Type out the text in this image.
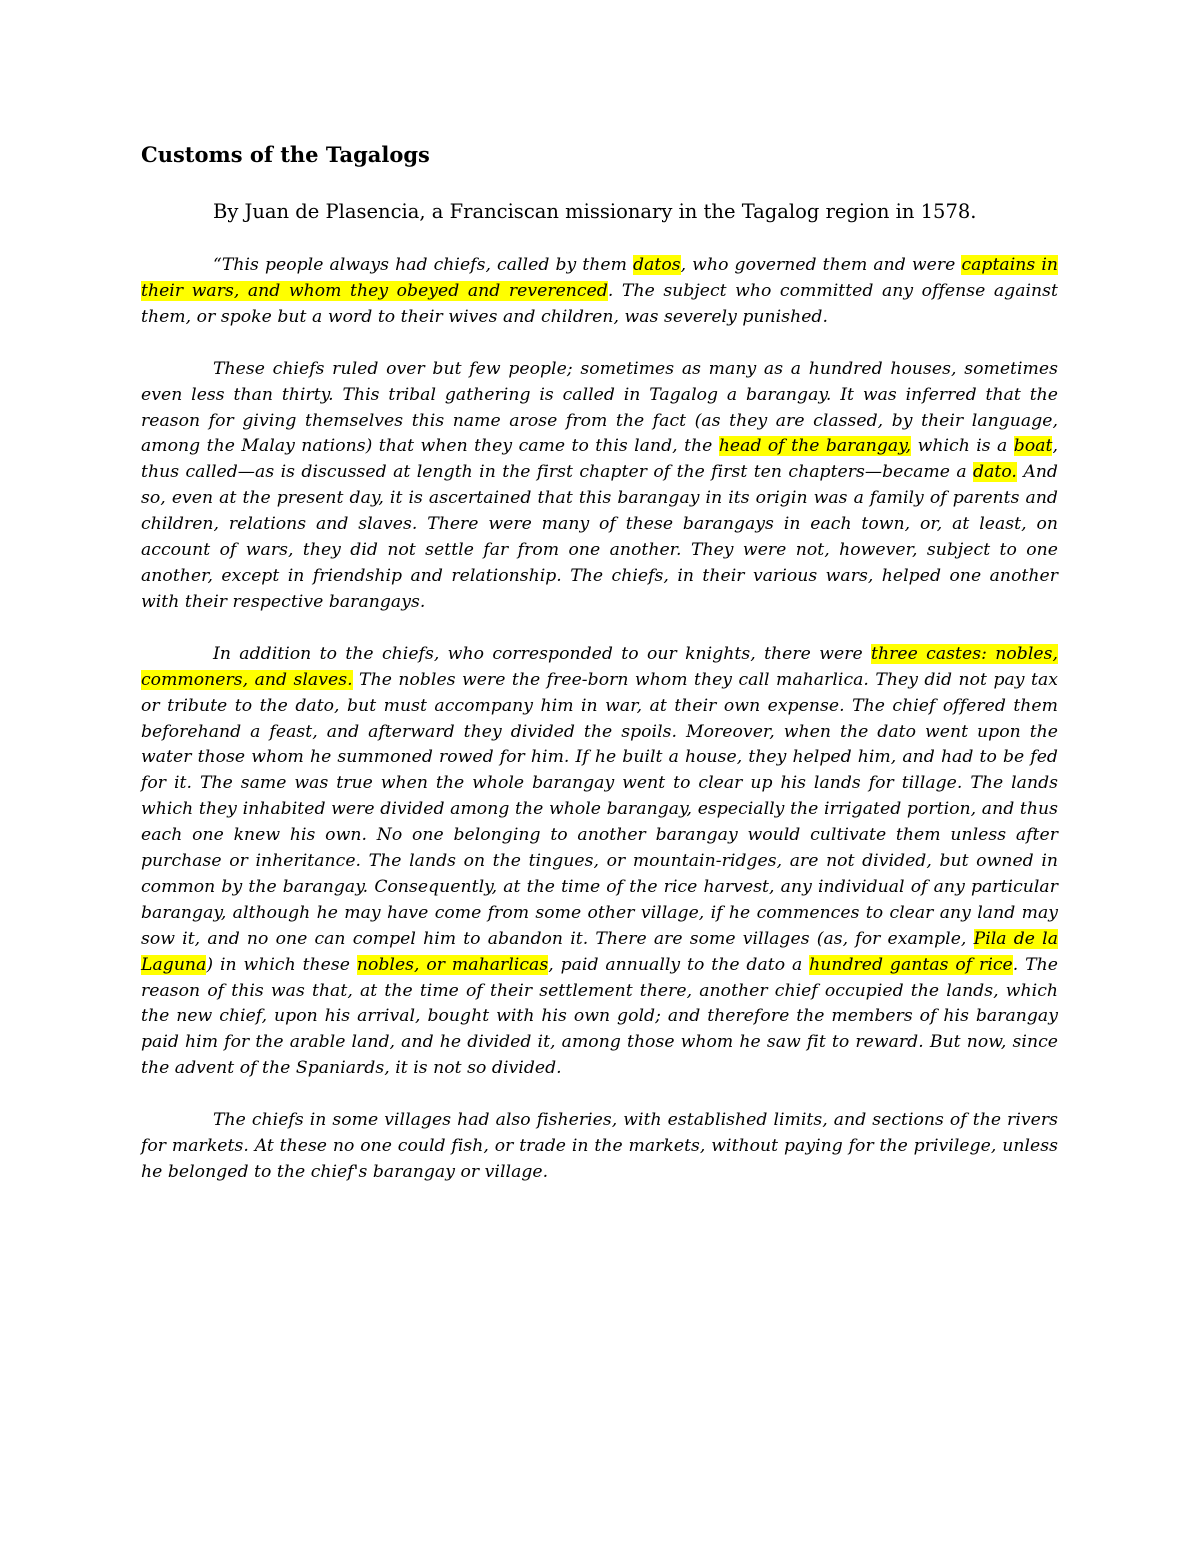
Customs of the Tagalogs

By Juan de Plasencia, a Franciscan missionary in the Tagalog region in 1578.

“This people always had chiefs, called by them datos, who governed them and were captains in their wars, and whom they obeyed and reverenced. The subject who committed any offense against them, or spoke but a word to their wives and children, was severely punished.

These chiefs ruled over but few people; sometimes as many as a hundred houses, sometimes even less than thirty. This tribal gathering is called in Tagalog a barangay. It was inferred that the reason for giving themselves this name arose from the fact (as they are classed, by their language, among the Malay nations) that when they came to this land, the head of the barangay, which is a boat, thus called—as is discussed at length in the first chapter of the first ten chapters—became a dato. And so, even at the present day, it is ascertained that this barangay in its origin was a family of parents and children, relations and slaves. There were many of these barangays in each town, or, at least, on account of wars, they did not settle far from one another. They were not, however, subject to one another, except in friendship and relationship. The chiefs, in their various wars, helped one another with their respective barangays.

In addition to the chiefs, who corresponded to our knights, there were three castes: nobles, commoners, and slaves. The nobles were the free-born whom they call maharlica. They did not pay tax or tribute to the dato, but must accompany him in war, at their own expense. The chief offered them beforehand a feast, and afterward they divided the spoils. Moreover, when the dato went upon the water those whom he summoned rowed for him. If he built a house, they helped him, and had to be fed for it. The same was true when the whole barangay went to clear up his lands for tillage. The lands which they inhabited were divided among the whole barangay, especially the irrigated portion, and thus each one knew his own. No one belonging to another barangay would cultivate them unless after purchase or inheritance. The lands on the tingues, or mountain-ridges, are not divided, but owned in common by the barangay. Consequently, at the time of the rice harvest, any individual of any particular barangay, although he may have come from some other village, if he commences to clear any land may sow it, and no one can compel him to abandon it. There are some villages (as, for example, Pila de la Laguna) in which these nobles, or maharlicas, paid annually to the dato a hundred gantas of rice. The reason of this was that, at the time of their settlement there, another chief occupied the lands, which the new chief, upon his arrival, bought with his own gold; and therefore the members of his barangay paid him for the arable land, and he divided it, among those whom he saw fit to reward. But now, since the advent of the Spaniards, it is not so divided.

The chiefs in some villages had also fisheries, with established limits, and sections of the rivers for markets. At these no one could fish, or trade in the markets, without paying for the privilege, unless he belonged to the chief's barangay or village.
